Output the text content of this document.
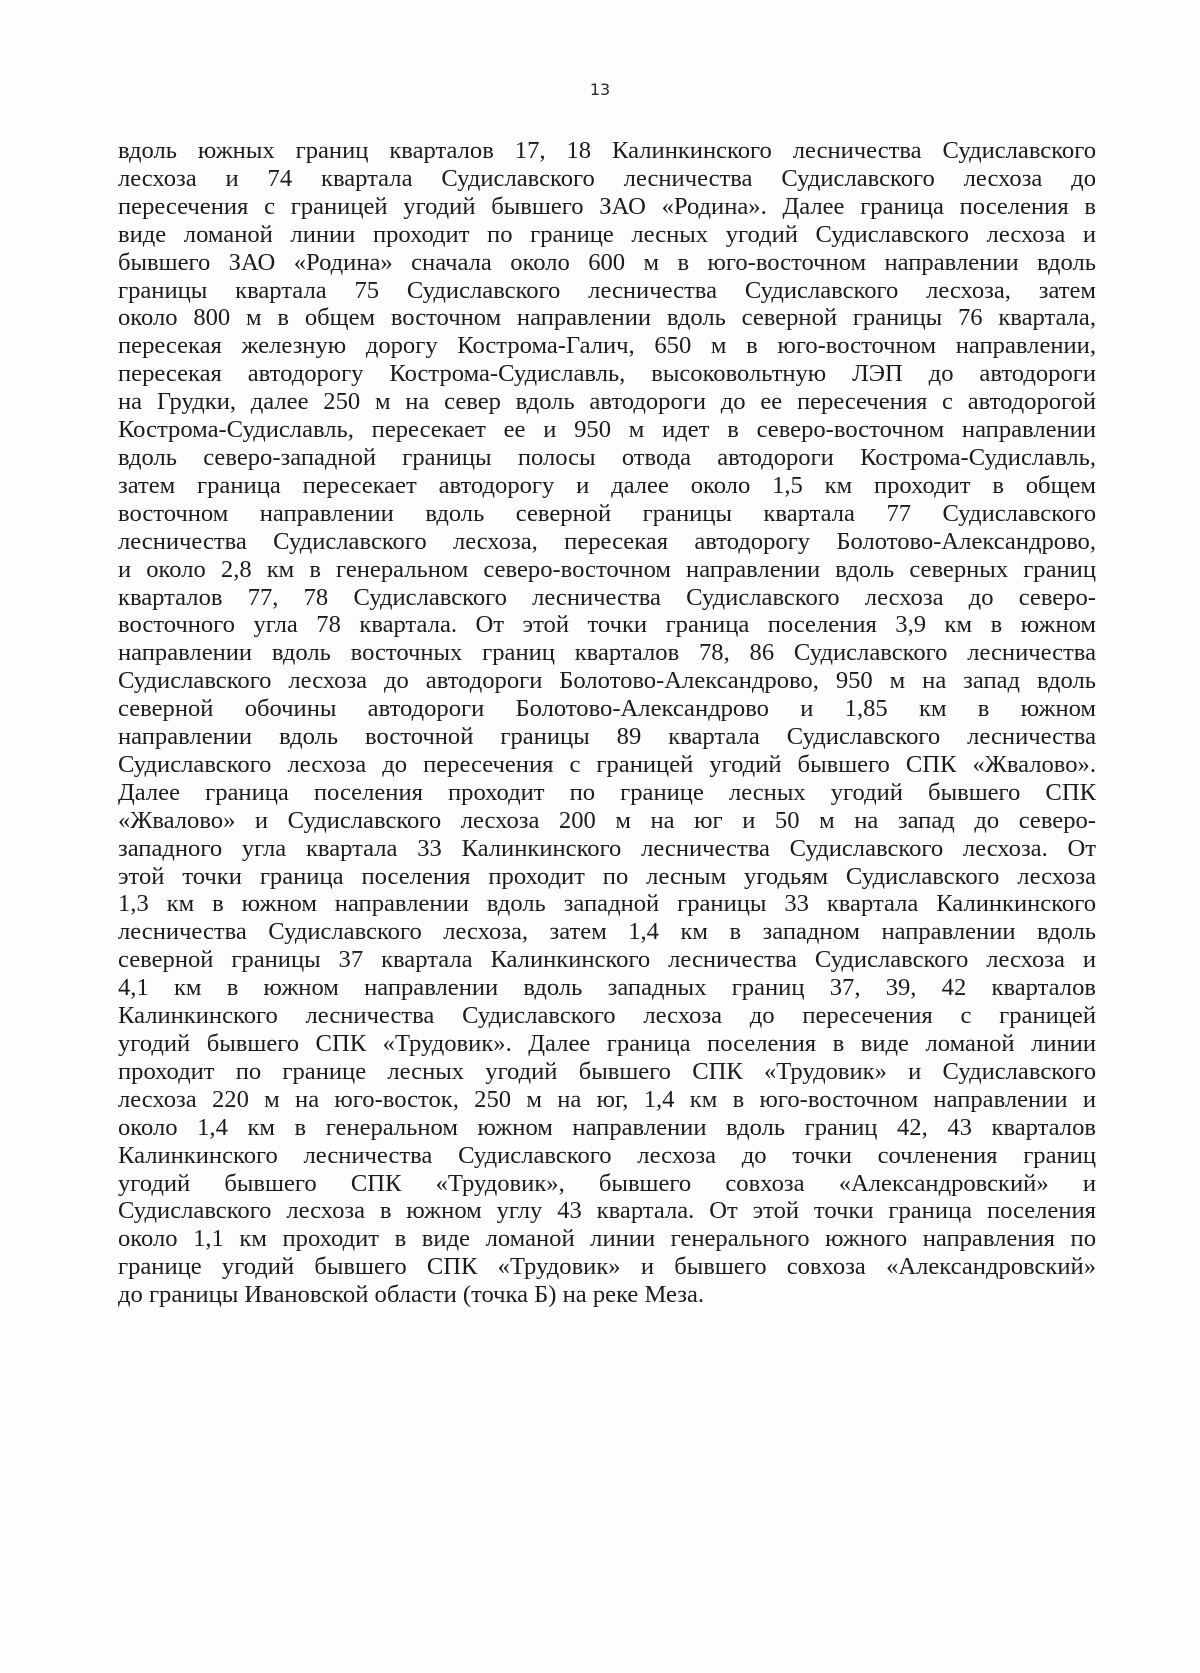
13
вдоль южных границ кварталов 17, 18 Калинкинского лесничества Судиславского
лесхоза и 74 квартала Судиславского лесничества Судиславского лесхоза до
пересечения с границей угодий бывшего ЗАО «Родина». Далее граница поселения в
виде ломаной линии проходит по границе лесных угодий Судиславского лесхоза и
бывшего ЗАО «Родина» сначала около 600 м в юго-восточном направлении вдоль
границы квартала 75 Судиславского лесничества Судиславского лесхоза, затем
около 800 м в общем восточном направлении вдоль северной границы 76 квартала,
пересекая железную дорогу Кострома-Галич, 650 м в юго-восточном направлении,
пересекая автодорогу Кострома-Судиславль, высоковольтную ЛЭП до автодороги
на Грудки, далее 250 м на север вдоль автодороги до ее пересечения с автодорогой
Кострома-Судиславль, пересекает ее и 950 м идет в северо-восточном направлении
вдоль северо-западной границы полосы отвода автодороги Кострома-Судиславль,
затем граница пересекает автодорогу и далее около 1,5 км проходит в общем
восточном направлении вдоль северной границы квартала 77 Судиславского
лесничества Судиславского лесхоза, пересекая автодорогу Болотово-Александрово,
и около 2,8 км в генеральном северо-восточном направлении вдоль северных границ
кварталов 77, 78 Судиславского лесничества Судиславского лесхоза до северо-
восточного угла 78 квартала. От этой точки граница поселения 3,9 км в южном
направлении вдоль восточных границ кварталов 78, 86 Судиславского лесничества
Судиславского лесхоза до автодороги Болотово-Александрово, 950 м на запад вдоль
северной обочины автодороги Болотово-Александрово и 1,85 км в южном
направлении вдоль восточной границы 89 квартала Судиславского лесничества
Судиславского лесхоза до пересечения с границей угодий бывшего СПК «Жвалово».
Далее граница поселения проходит по границе лесных угодий бывшего СПК
«Жвалово» и Судиславского лесхоза 200 м на юг и 50 м на запад до северо-
западного угла квартала 33 Калинкинского лесничества Судиславского лесхоза. От
этой точки граница поселения проходит по лесным угодьям Судиславского лесхоза
1,3 км в южном направлении вдоль западной границы 33 квартала Калинкинского
лесничества Судиславского лесхоза, затем 1,4 км в западном направлении вдоль
северной границы 37 квартала Калинкинского лесничества Судиславского лесхоза и
4,1 км в южном направлении вдоль западных границ 37, 39, 42 кварталов
Калинкинского лесничества Судиславского лесхоза до пересечения с границей
угодий бывшего СПК «Трудовик». Далее граница поселения в виде ломаной линии
проходит по границе лесных угодий бывшего СПК «Трудовик» и Судиславского
лесхоза 220 м на юго-восток, 250 м на юг, 1,4 км в юго-восточном направлении и
около 1,4 км в генеральном южном направлении вдоль границ 42, 43 кварталов
Калинкинского лесничества Судиславского лесхоза до точки сочленения границ
угодий бывшего СПК «Трудовик», бывшего совхоза «Александровский» и
Судиславского лесхоза в южном углу 43 квартала. От этой точки граница поселения
около 1,1 км проходит в виде ломаной линии генерального южного направления по
границе угодий бывшего СПК «Трудовик» и бывшего совхоза «Александровский»
до границы Ивановской области (точка Б) на реке Меза.
